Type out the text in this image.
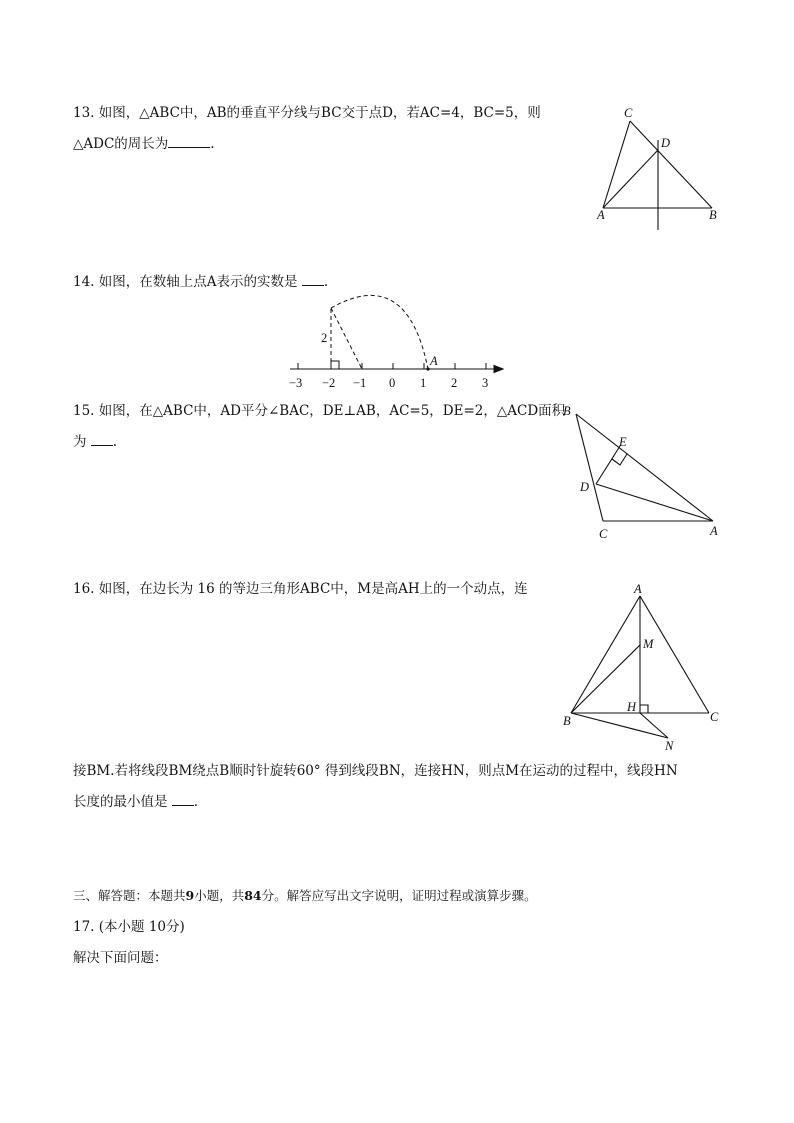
13. 如图，△ABC中，AB的垂直平分线与BC交于点D，若AC=4，BC=5，则
△ADC的周长为	.
C
D
A	B
14. 如图，在数轴上点A表示的实数是 .
2
A
−3 −2 −1 0 1 2 3
15. 如图，在△ABC中，AD平分∠BAC，DE⊥AB，AC=5，DE=2，△ACD面积
为 .
B
E
D
C	A
16. 如图，在边长为 16 的等边三角形ABC中，M是高AH上的一个动点，连	A
M
H
C
B
N
接BM.若将线段BM绕点B顺时针旋转60° 得到线段BN，连接HN，则点M在运动的过程中，线段HN
长度的最小值是 .
三、解答题：本题共9小题，共84分。解答应写出文字说明，证明过程或演算步骤。
17. (本小题 10分)
解决下面问题：
